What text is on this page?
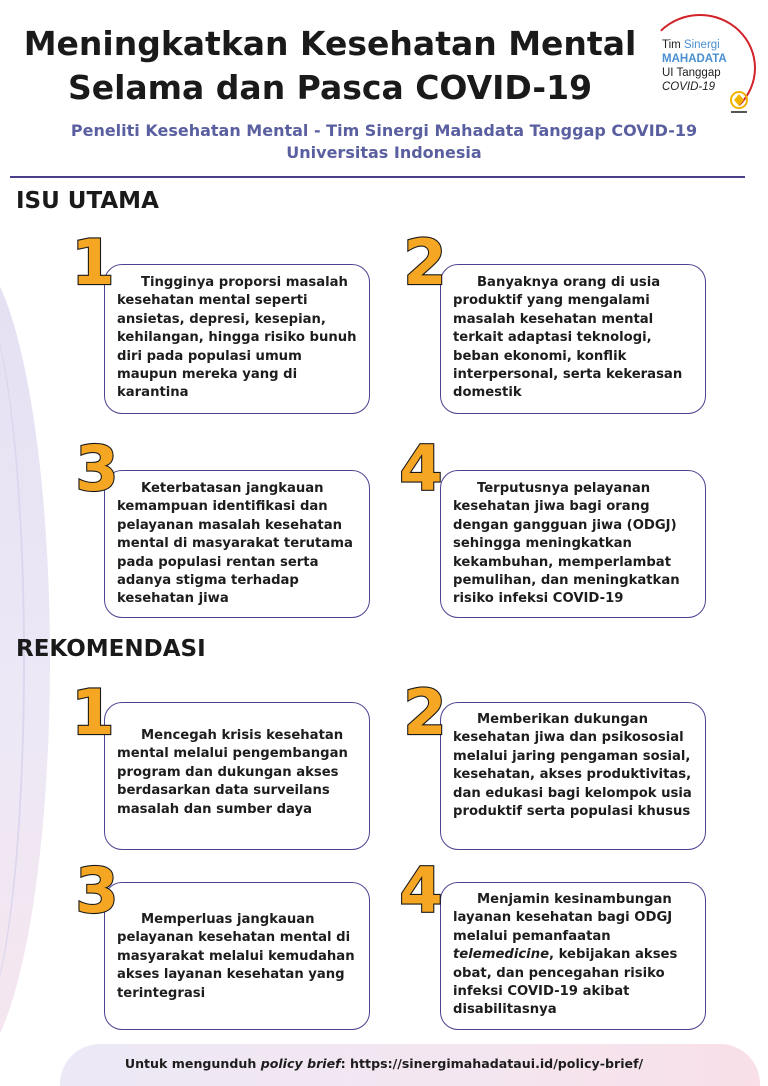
Meningkatkan Kesehatan Mental
Selama dan Pasca COVID-19
Tim Sinergi
MAHADATA
UI Tanggap
COVID-19
Peneliti Kesehatan Mental - Tim Sinergi Mahadata Tanggap COVID-19
Universitas Indonesia
ISU UTAMA
Tingginya proporsi masalah kesehatan mental seperti ansietas, depresi, kesepian, kehilangan, hingga risiko bunuh diri pada populasi umum maupun mereka yang di karantina
Banyaknya orang di usia produktif yang mengalami masalah kesehatan mental terkait adaptasi teknologi, beban ekonomi, konflik interpersonal, serta kekerasan domestik
Keterbatasan jangkauan kemampuan identifikasi dan pelayanan masalah kesehatan mental di masyarakat terutama pada populasi rentan serta adanya stigma terhadap kesehatan jiwa
Terputusnya pelayanan kesehatan jiwa bagi orang dengan gangguan jiwa (ODGJ) sehingga meningkatkan kekambuhan, memperlambat pemulihan, dan meningkatkan risiko infeksi COVID-19
REKOMENDASI
Mencegah krisis kesehatan mental melalui pengembangan program dan dukungan akses berdasarkan data surveilans masalah dan sumber daya
Memberikan dukungan kesehatan jiwa dan psikososial melalui jaring pengaman sosial, kesehatan, akses produktivitas, dan edukasi bagi kelompok usia produktif serta populasi khusus
Memperluas jangkauan pelayanan kesehatan mental di masyarakat melalui kemudahan akses layanan kesehatan yang terintegrasi
Menjamin kesinambungan layanan kesehatan bagi ODGJ melalui pemanfaatan telemedicine, kebijakan akses obat, dan pencegahan risiko infeksi COVID-19 akibat disabilitasnya
1	2
3	4
1	2
3	4
Untuk mengunduh policy brief: https://sinergimahadataui.id/policy-brief/
